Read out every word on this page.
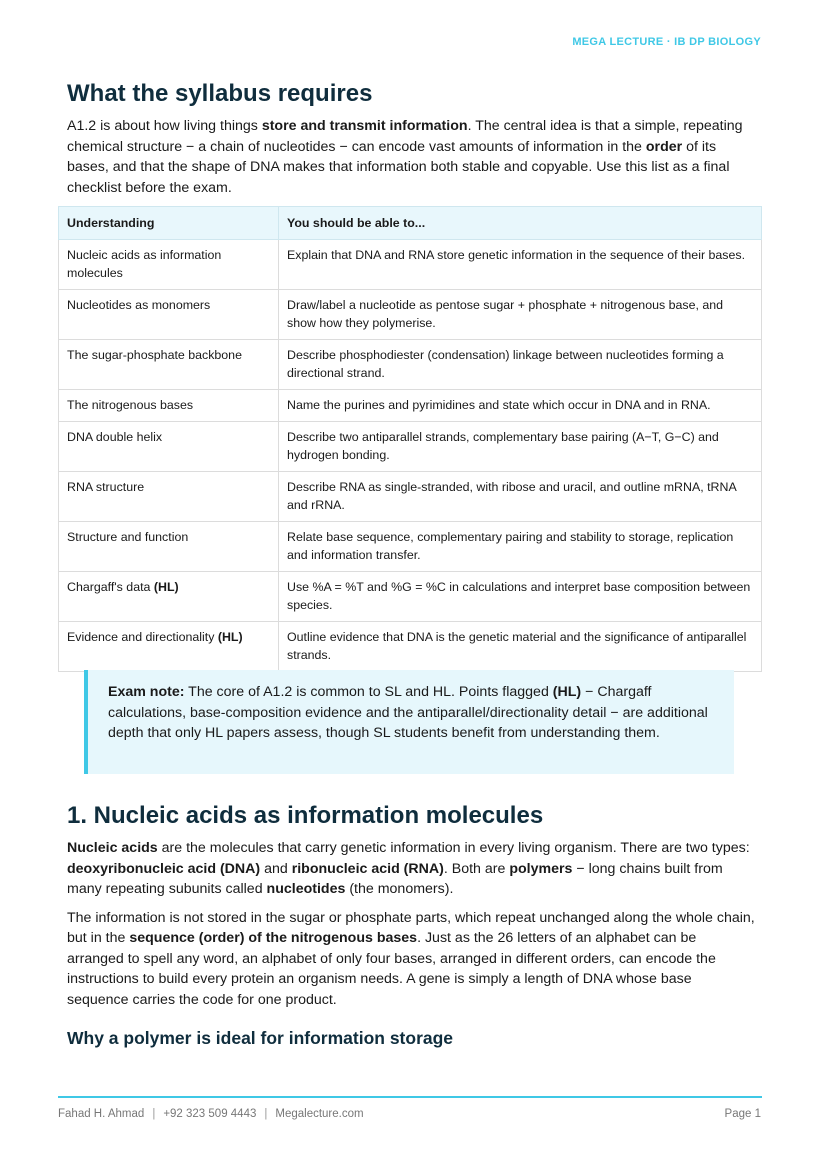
MEGA LECTURE · IB DP BIOLOGY
What the syllabus requires

A1.2 is about how living things store and transmit information. The central idea is that a simple, repeating chemical structure − a chain of nucleotides − can encode vast amounts of information in the order of its bases, and that the shape of DNA makes that information both stable and copyable. Use this list as a final checklist before the exam.

Understanding	You should be able to...
Nucleic acids as information molecules	Explain that DNA and RNA store genetic information in the sequence of their bases.
Nucleotides as monomers	Draw/label a nucleotide as pentose sugar + phosphate + nitrogenous base, and show how they polymerise.
The sugar-phosphate backbone	Describe phosphodiester (condensation) linkage between nucleotides forming a directional strand.
The nitrogenous bases	Name the purines and pyrimidines and state which occur in DNA and in RNA.
DNA double helix	Describe two antiparallel strands, complementary base pairing (A−T, G−C) and hydrogen bonding.
RNA structure	Describe RNA as single-stranded, with ribose and uracil, and outline mRNA, tRNA and rRNA.
Structure and function	Relate base sequence, complementary pairing and stability to storage, replication and information transfer.
Chargaff's data (HL)	Use %A = %T and %G = %C in calculations and interpret base composition between species.
Evidence and directionality (HL)	Outline evidence that DNA is the genetic material and the significance of antiparallel strands.

Exam note: The core of A1.2 is common to SL and HL. Points flagged (HL) − Chargaff calculations, base-composition evidence and the antiparallel/directionality detail − are additional depth that only HL papers assess, though SL students benefit from understanding them.

1. Nucleic acids as information molecules

Nucleic acids are the molecules that carry genetic information in every living organism. There are two types: deoxyribonucleic acid (DNA) and ribonucleic acid (RNA). Both are polymers − long chains built from many repeating subunits called nucleotides (the monomers).

The information is not stored in the sugar or phosphate parts, which repeat unchanged along the whole chain, but in the sequence (order) of the nitrogenous bases. Just as the 26 letters of an alphabet can be arranged to spell any word, an alphabet of only four bases, arranged in different orders, can encode the instructions to build every protein an organism needs. A gene is simply a length of DNA whose base sequence carries the code for one product.

Why a polymer is ideal for information storage
Fahad H. Ahmad | +92 323 509 4443 | Megalecture.com	Page 1
